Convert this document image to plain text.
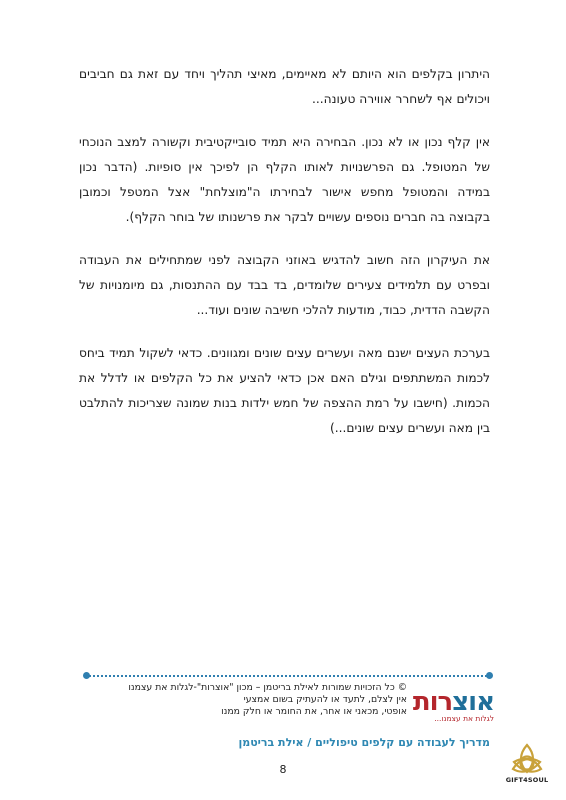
היתרון בקלפים הוא היותם לא מאיימים, מאיצי תהליך ויחד עם זאת גם חביבים ויכולים אף לשחרר אווירה טעונה...

אין קלף נכון או לא נכון. הבחירה היא תמיד סובייקטיבית וקשורה למצב הנוכחי של המטופל. גם הפרשנויות לאותו הקלף הן לפיכך אין סופיות. (הדבר נכון במידה והמטופל מחפש אישור לבחירתו ה"מוצלחת" אצל המטפל וכמובן בקבוצה בה חברים נוספים עשויים לבקר את פרשנותו של בוחר הקלף).

את העיקרון הזה חשוב להדגיש באוזני הקבוצה לפני שמתחילים את העבודה ובפרט עם תלמידים צעירים שלומדים, בד בבד עם ההתנסות, גם מיומנויות של הקשבה הדדית, כבוד, מודעות להלכי חשיבה שונים ועוד...

בערכת העצים ישנם מאה ועשרים עצים שונים ומגוונים. כדאי לשקול תמיד ביחס לכמות המשתתפים וגילם האם אכן כדאי להציע את כל הקלפים או לדלל את הכמות. (חישבו על רמת ההצפה של חמש ילדות בנות שמונה שצריכות להתלבט בין מאה ועשרים עצים שונים...)

© כל הזכויות שמורות לאילת בריטמן – מכון "אוצרות"-לגלות את עצמנו
אין לצלם, לתעד או להעתיק בשום אמצעי
אופטי, מכאני או אחר, את החומר או חלק ממנו	אוצרות
לגלות את עצמנו...
מדריך לעבודה עם קלפים טיפוליים / אילת בריטמן
GIFT4SOUL
8
